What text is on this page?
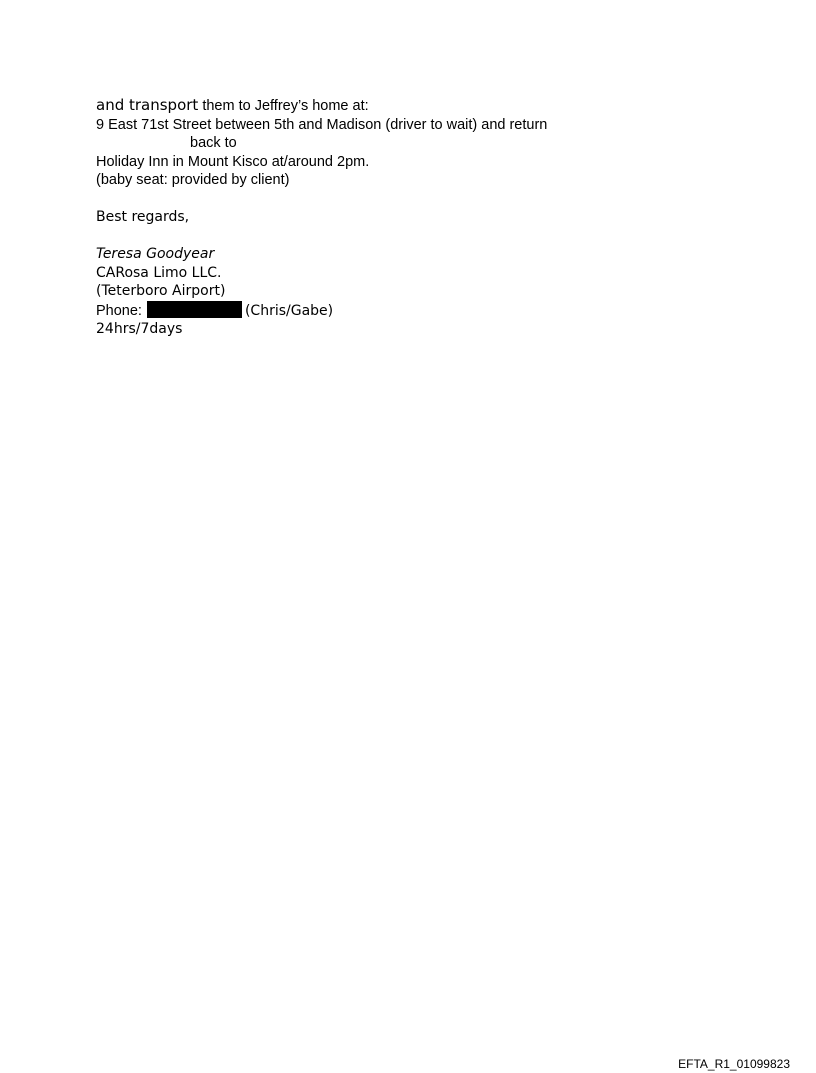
and transport them to Jeffrey’s home at:
9 East 71st Street between 5th and Madison (driver to wait) and return
back to
Holiday Inn in Mount Kisco at/around 2pm.
(baby seat: provided by client)
Best regards,
Teresa Goodyear
CARosa Limo LLC.
(Teterboro Airport)
Phone:	(Chris/Gabe)
24hrs/7days
EFTA_R1_01099823
